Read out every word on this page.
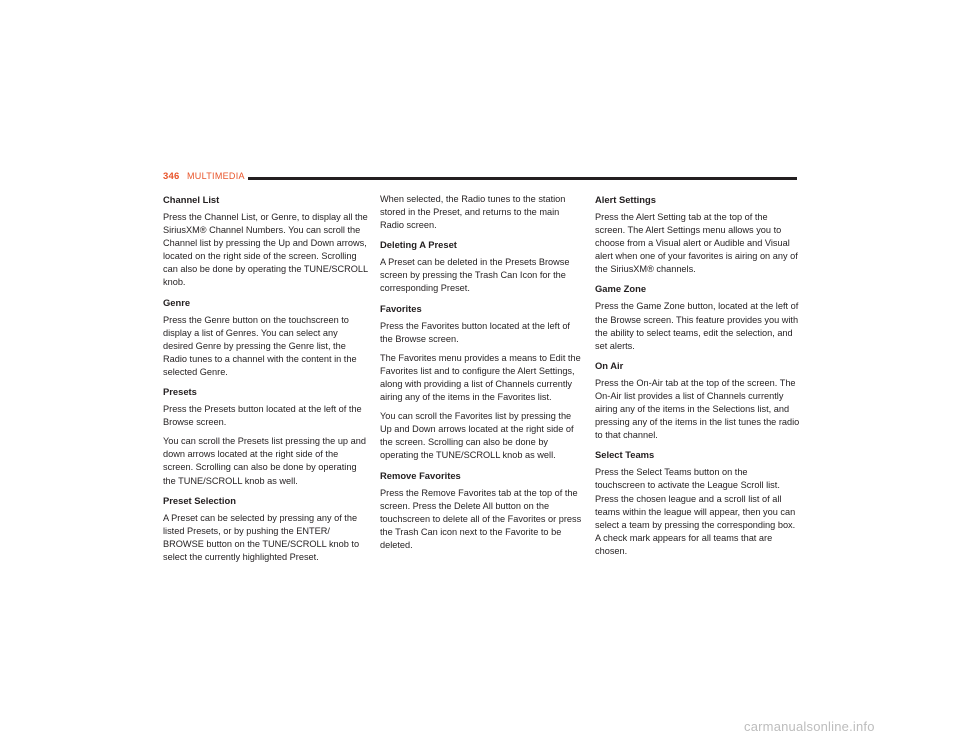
346 MULTIMEDIA
Channel List

Press the Channel List, or Genre, to display all the SiriusXM® Channel Numbers. You can scroll the Channel list by pressing the Up and Down arrows, located on the right side of the screen. Scrolling can also be done by operating the TUNE/SCROLL knob.

Genre

Press the Genre button on the touchscreen to display a list of Genres. You can select any desired Genre by pressing the Genre list, the Radio tunes to a channel with the content in the selected Genre.

Presets

Press the Presets button located at the left of the Browse screen.

You can scroll the Presets list pressing the up and down arrows located at the right side of the screen. Scrolling can also be done by operating the TUNE/SCROLL knob as well.

Preset Selection

A Preset can be selected by pressing any of the listed Presets, or by pushing the ENTER/ BROWSE button on the TUNE/SCROLL knob to select the currently highlighted Preset.

When selected, the Radio tunes to the station stored in the Preset, and returns to the main Radio screen.

Deleting A Preset

A Preset can be deleted in the Presets Browse screen by pressing the Trash Can Icon for the corresponding Preset.

Favorites

Press the Favorites button located at the left of the Browse screen.

The Favorites menu provides a means to Edit the Favorites list and to configure the Alert Settings, along with providing a list of Channels currently airing any of the items in the Favorites list.

You can scroll the Favorites list by pressing the Up and Down arrows located at the right side of the screen. Scrolling can also be done by operating the TUNE/SCROLL knob as well.

Remove Favorites

Press the Remove Favorites tab at the top of the screen. Press the Delete All button on the touchscreen to delete all of the Favorites or press the Trash Can icon next to the Favorite to be deleted.

Alert Settings

Press the Alert Setting tab at the top of the screen. The Alert Settings menu allows you to choose from a Visual alert or Audible and Visual alert when one of your favorites is airing on any of the SiriusXM® channels.

Game Zone

Press the Game Zone button, located at the left of the Browse screen. This feature provides you with the ability to select teams, edit the selection, and set alerts.

On Air

Press the On-Air tab at the top of the screen. The On-Air list provides a list of Channels currently airing any of the items in the Selections list, and pressing any of the items in the list tunes the radio to that channel.

Select Teams

Press the Select Teams button on the touchscreen to activate the League Scroll list. Press the chosen league and a scroll list of all teams within the league will appear, then you can select a team by pressing the corresponding box. A check mark appears for all teams that are chosen.

carmanualsonline.info
